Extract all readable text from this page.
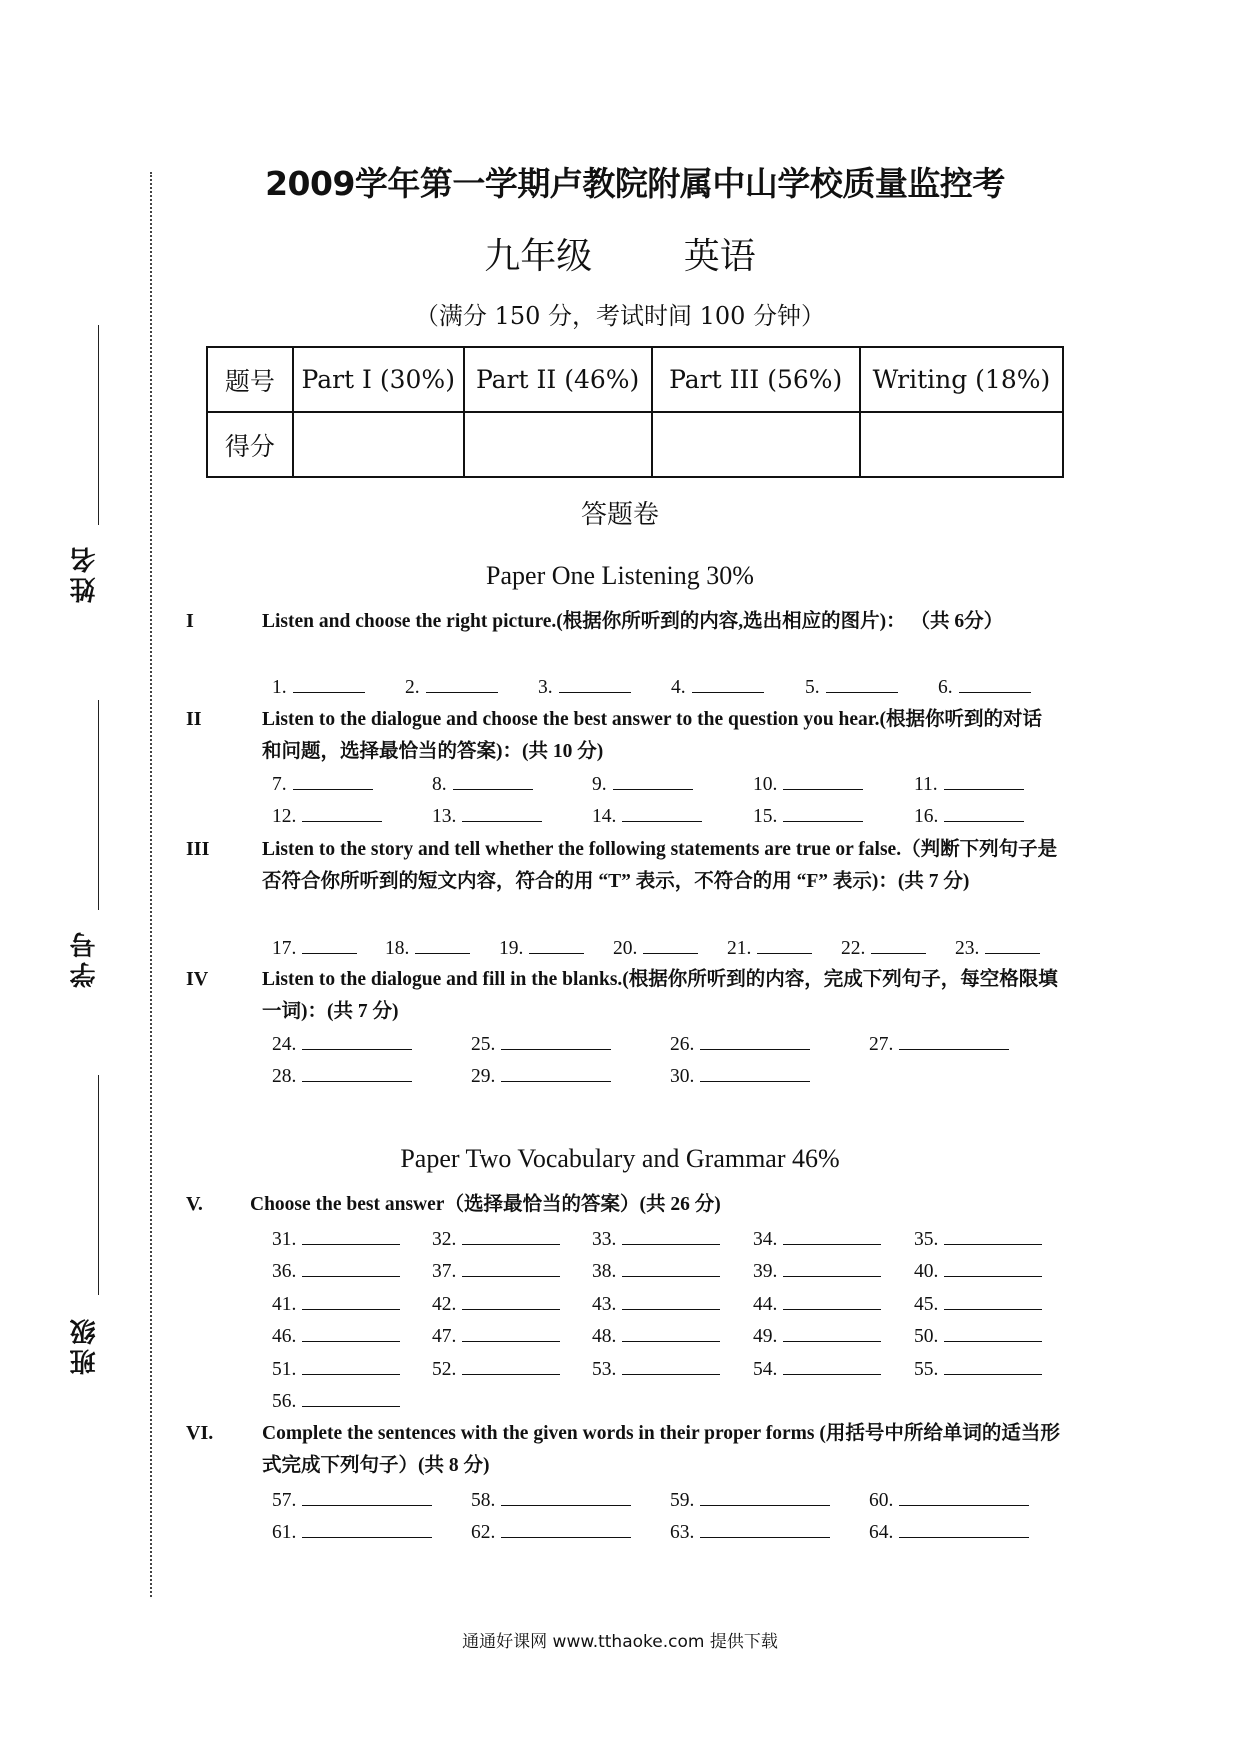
姓名
学号
班级
2009学年第一学期卢教院附属中山学校质量监控考
九年级	英语
（满分 150 分，考试时间 100 分钟）
题号	Part I (30%)	Part II (46%)	Part III (56%)	Writing (18%)
得分				
答题卷
Paper One Listening 30%
I	Listen and choose the right picture.(根据你所听到的内容,选出相应的图片)： （共 6分）
II	Listen to the dialogue and choose the best answer to the question you hear.(根据你听到的对话和问题，选择最恰当的答案)：(共 10 分)
III	Listen to the story and tell whether the following statements are true or false.（判断下列句子是否符合你所听到的短文内容，符合的用 “T” 表示，不符合的用 “F” 表示)：(共 7 分)
IV	Listen to the dialogue and fill in the blanks.(根据你所听到的内容，完成下列句子，每空格限填一词)：(共 7 分)
Paper Two Vocabulary and Grammar 46%
V. Choose the best answer（选择最恰当的答案）(共 26 分)
VI.	Complete the sentences with the given words in their proper forms (用括号中所给单词的适当形式完成下列句子）(共 8 分)
通通好课网 www.tthaoke.com 提供下载
1.	2.	3.	4.	5.	6.
7.	8.	9.	10.	11.
12.	13.	14.	15.	16.
17.	18.	19.	20.	21.	22.	23.
24.	25.	26.	27.
28.	29.	30.
31.	32.	33.	34.	35.
36.	37.	38.	39.	40.
41.	42.	43.	44.	45.
46.	47.	48.	49.	50.
51.	52.	53.	54.	55.
56.
57.	58.	59.	60.
61.	62.	63.	64.
